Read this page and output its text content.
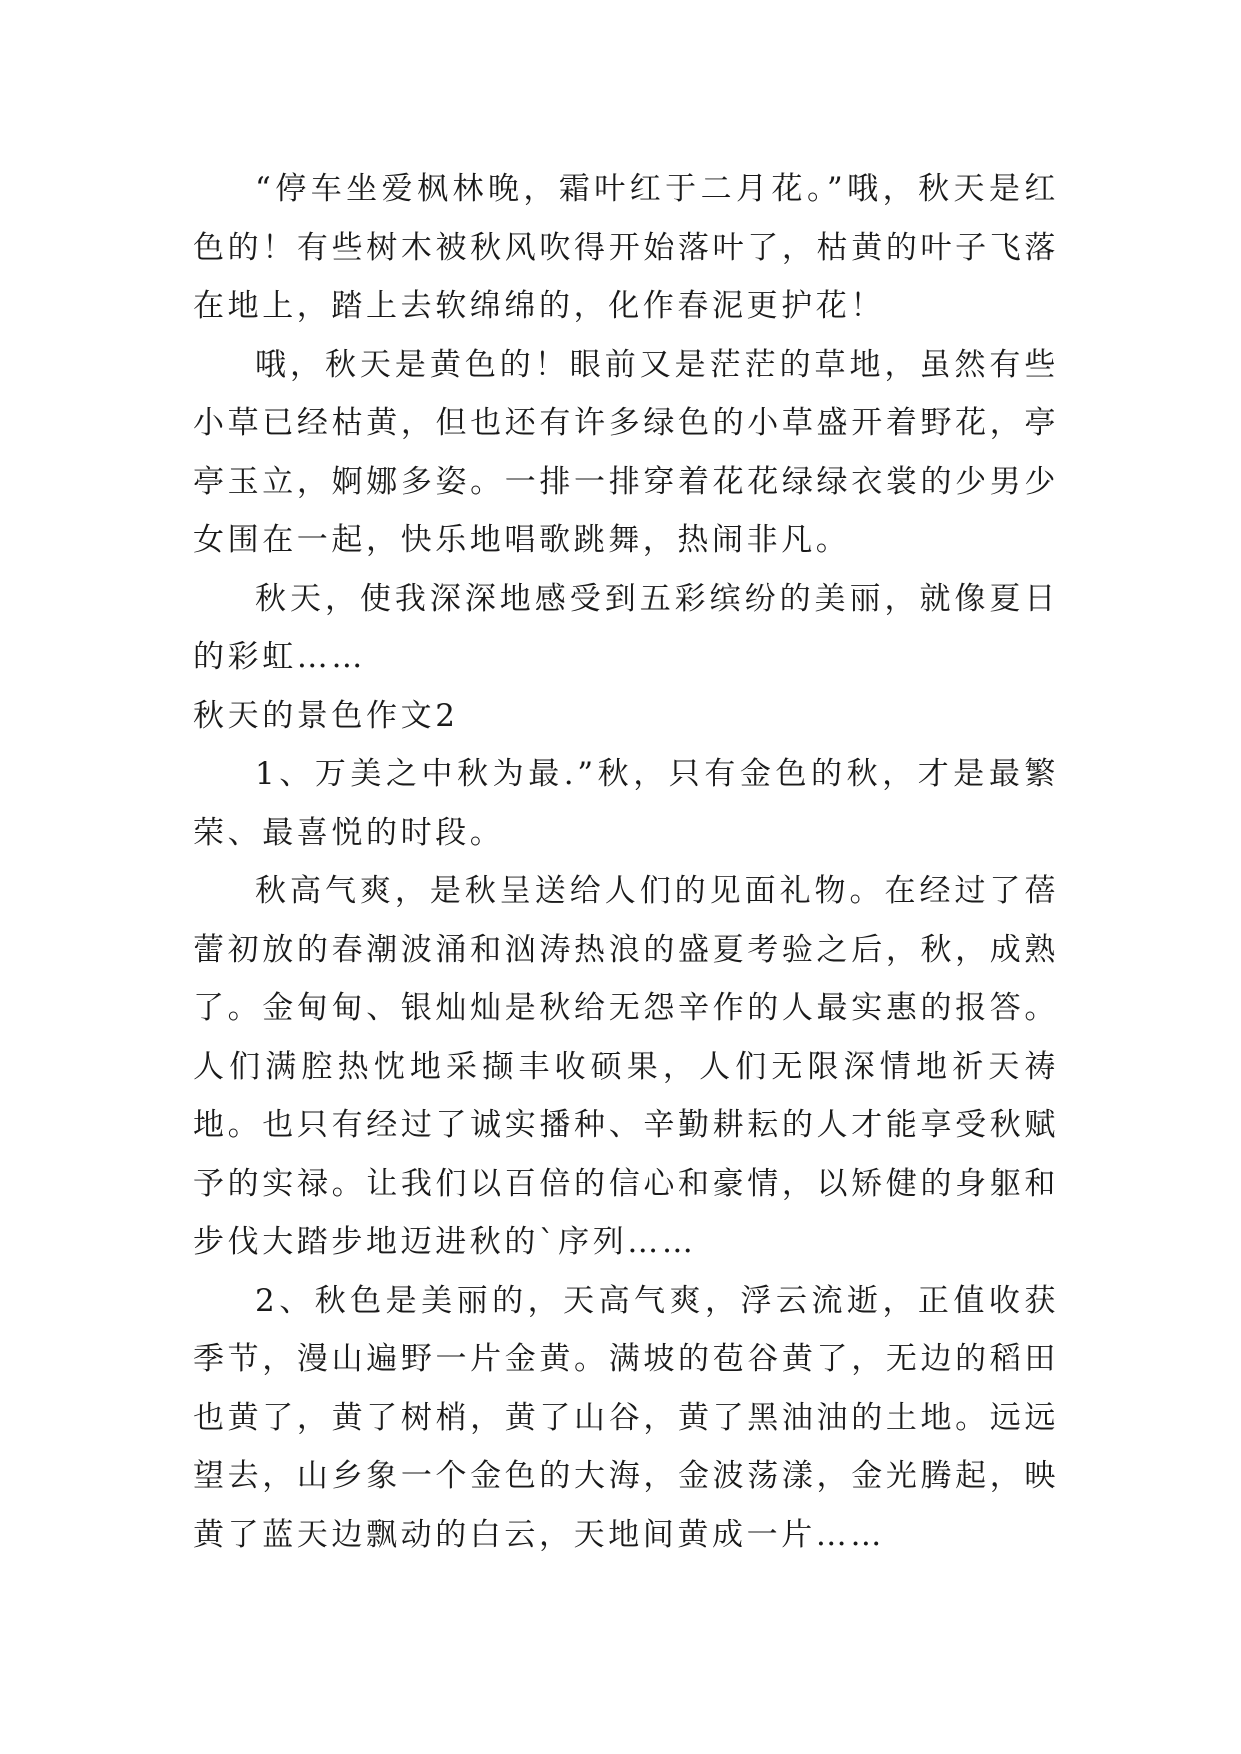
“停车坐爱枫林晚，霜叶红于二月花。”哦，秋天是红色的！有些树木被秋风吹得开始落叶了，枯黄的叶子飞落在地上，踏上去软绵绵的，化作春泥更护花！

哦，秋天是黄色的！眼前又是茫茫的草地，虽然有些小草已经枯黄，但也还有许多绿色的小草盛开着野花，亭亭玉立，婀娜多姿。一排一排穿着花花绿绿衣裳的少男少女围在一起，快乐地唱歌跳舞，热闹非凡。

秋天，使我深深地感受到五彩缤纷的美丽，就像夏日的彩虹……

秋天的景色作文2

1、万美之中秋为最.”秋，只有金色的秋，才是最繁荣、最喜悦的时段。

秋高气爽，是秋呈送给人们的见面礼物。在经过了蓓蕾初放的春潮波涌和汹涛热浪的盛夏考验之后，秋，成熟了。金甸甸、银灿灿是秋给无怨辛作的人最实惠的报答。人们满腔热忱地采撷丰收硕果，人们无限深情地祈天祷地。也只有经过了诚实播种、辛勤耕耘的人才能享受秋赋予的实禄。让我们以百倍的信心和豪情，以矫健的身躯和步伐大踏步地迈进秋的`序列……

2、秋色是美丽的，天高气爽，浮云流逝，正值收获季节，漫山遍野一片金黄。满坡的苞谷黄了，无边的稻田也黄了，黄了树梢，黄了山谷，黄了黑油油的土地。远远望去，山乡象一个金色的大海，金波荡漾，金光腾起，映黄了蓝天边飘动的白云，天地间黄成一片……
